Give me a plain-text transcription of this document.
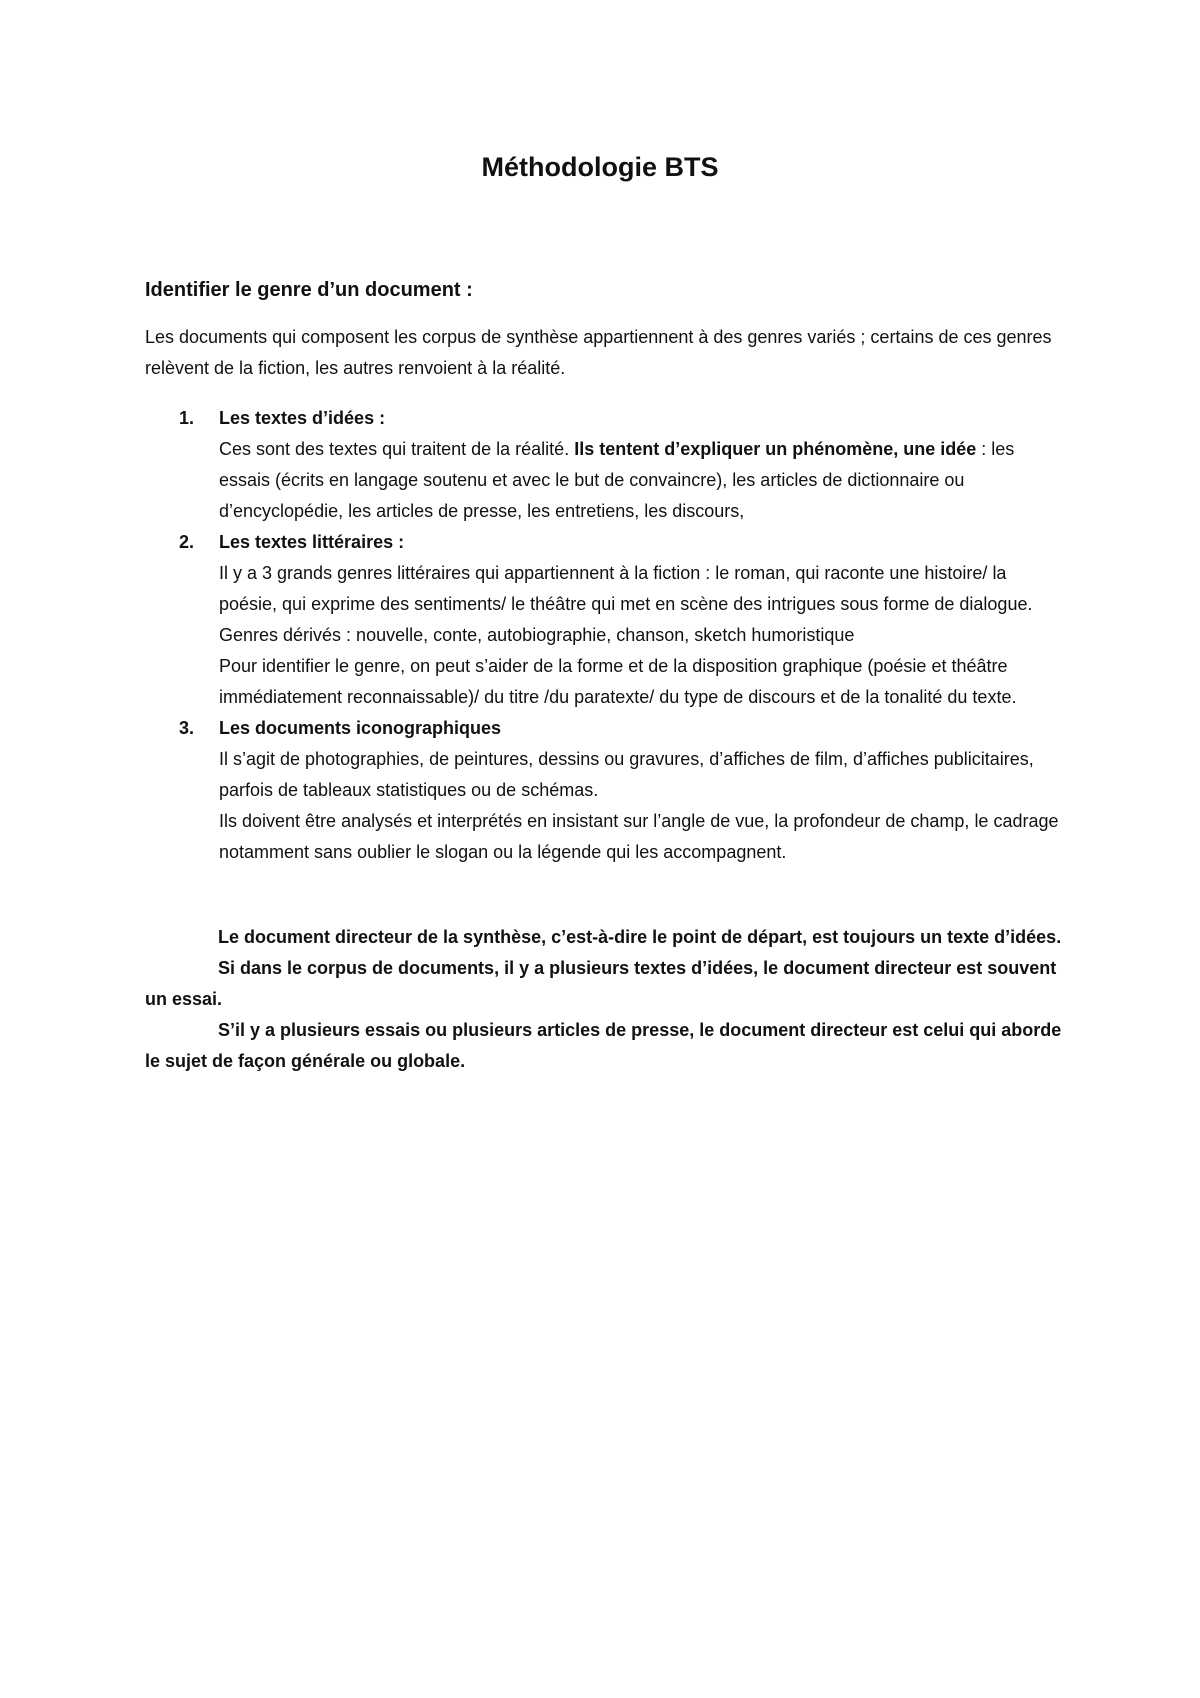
Méthodologie BTS
Identifier le genre d’un document :

Les documents qui composent les corpus de synthèse appartiennent à des genres variés ; certains de ces genres relèvent de la fiction, les autres renvoient à la réalité.

1. Les textes d’idées :
Ces sont des textes qui traitent de la réalité. Ils tentent d’expliquer un phénomène, une idée : les essais (écrits en langage soutenu et avec le but de convaincre), les articles de dictionnaire ou d’encyclopédie, les articles de presse, les entretiens, les discours,
2. Les textes littéraires :
Il y a 3 grands genres littéraires qui appartiennent à la fiction : le roman, qui raconte une histoire/ la poésie, qui exprime des sentiments/ le théâtre qui met en scène des intrigues sous forme de dialogue.
Genres dérivés : nouvelle, conte, autobiographie, chanson, sketch humoristique
Pour identifier le genre, on peut s’aider de la forme et de la disposition graphique (poésie et théâtre immédiatement reconnaissable)/ du titre /du paratexte/ du type de discours et de la tonalité du texte.
3. Les documents iconographiques
Il s’agit de photographies, de peintures, dessins ou gravures, d’affiches de film, d’affiches publicitaires, parfois de tableaux statistiques ou de schémas.
Ils doivent être analysés et interprétés en insistant sur l’angle de vue, la profondeur de champ, le cadrage notamment sans oublier le slogan ou la légende qui les accompagnent.

Le document directeur de la synthèse, c’est-à-dire le point de départ, est toujours un texte d’idées.

Si dans le corpus de documents, il y a plusieurs textes d’idées, le document directeur est souvent un essai.

S’il y a plusieurs essais ou plusieurs articles de presse, le document directeur est celui qui aborde le sujet de façon générale ou globale.
